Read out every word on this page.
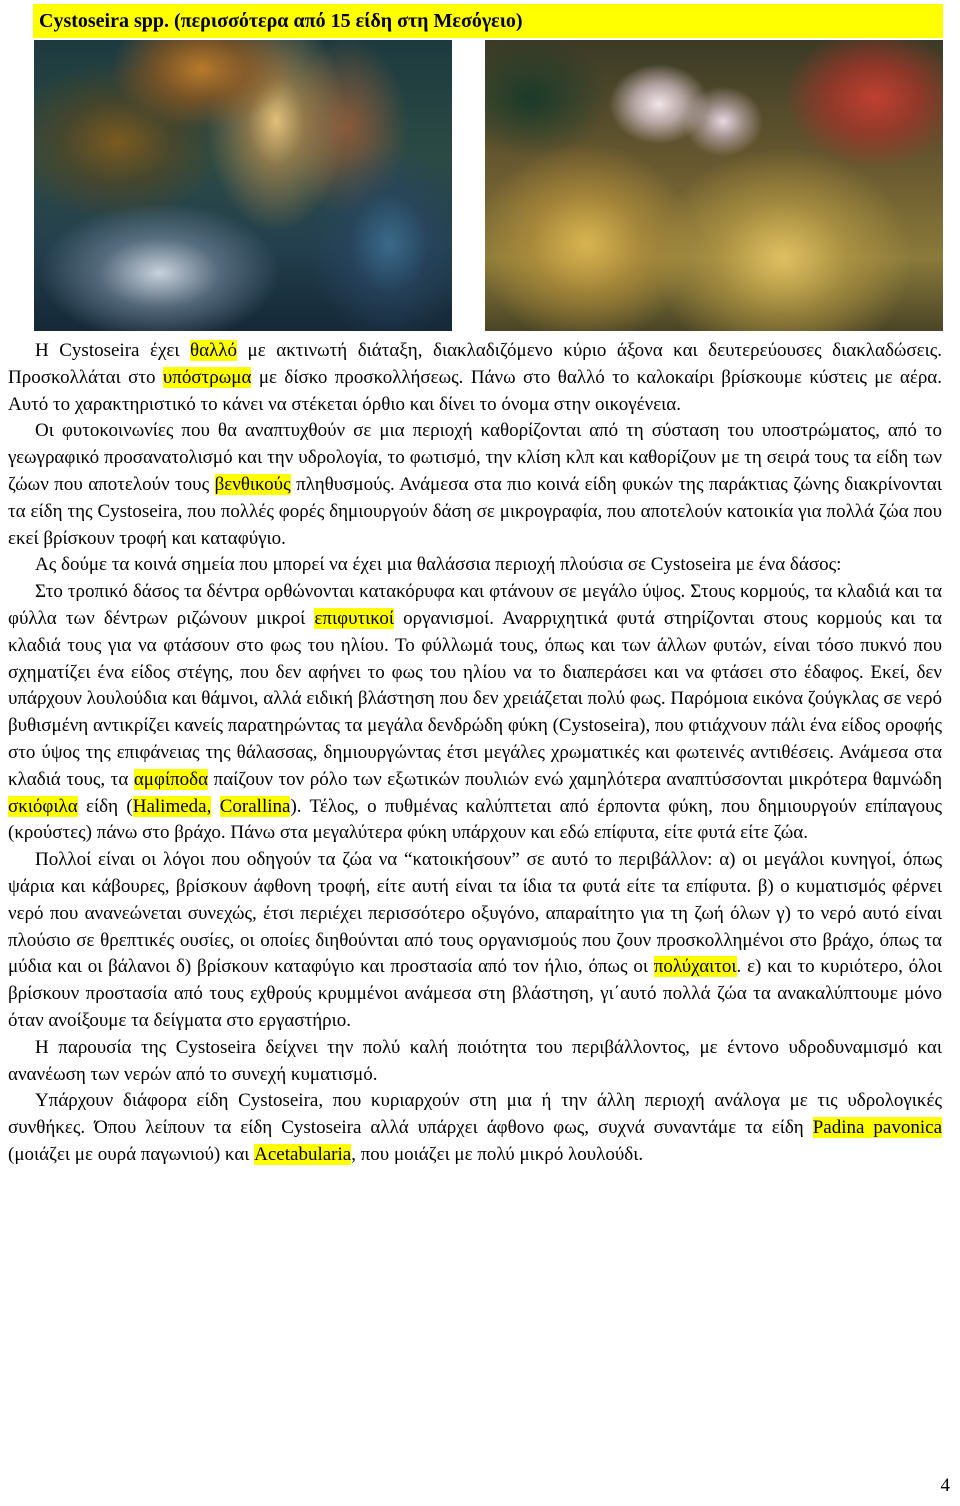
Cystoseira spp. (περισσότερα από 15 είδη στη Μεσόγειο)

Η Cystoseira έχει θαλλό με ακτινωτή διάταξη, διακλαδιζόμενο κύριο άξονα και δευτερεύουσες διακλαδώσεις. Προσκολλάται στο υπόστρωμα με δίσκο προσκολλήσεως. Πάνω στο θαλλό το καλοκαίρι βρίσκουμε κύστεις με αέρα. Αυτό το χαρακτηριστικό το κάνει να στέκεται όρθιο και δίνει το όνομα στην οικογένεια.

Οι φυτοκοινωνίες που θα αναπτυχθούν σε μια περιοχή καθορίζονται από τη σύσταση του υποστρώματος, από το γεωγραφικό προσανατολισμό και την υδρολογία, το φωτισμό, την κλίση κλπ και καθορίζουν με τη σειρά τους τα είδη των ζώων που αποτελούν τους βενθικούς πληθυσμούς. Ανάμεσα στα πιο κοινά είδη φυκών της παράκτιας ζώνης διακρίνονται τα είδη της Cystoseira, που πολλές φορές δημιουργούν δάση σε μικρογραφία, που αποτελούν κατοικία για πολλά ζώα που εκεί βρίσκουν τροφή και καταφύγιο.

Ας δούμε τα κοινά σημεία που μπορεί να έχει μια θαλάσσια περιοχή πλούσια σε Cystoseira με ένα δάσος:

Στο τροπικό δάσος τα δέντρα ορθώνονται κατακόρυφα και φτάνουν σε μεγάλο ύψος. Στους κορμούς, τα κλαδιά και τα φύλλα των δέντρων ριζώνουν μικροί επιφυτικοί οργανισμοί. Αναρριχητικά φυτά στηρίζονται στους κορμούς και τα κλαδιά τους για να φτάσουν στο φως του ηλίου. Το φύλλωμά τους, όπως και των άλλων φυτών, είναι τόσο πυκνό που σχηματίζει ένα είδος στέγης, που δεν αφήνει το φως του ηλίου να το διαπεράσει και να φτάσει στο έδαφος. Εκεί, δεν υπάρχουν λουλούδια και θάμνοι, αλλά ειδική βλάστηση που δεν χρειάζεται πολύ φως. Παρόμοια εικόνα ζούγκλας σε νερό βυθισμένη αντικρίζει κανείς παρατηρώντας τα μεγάλα δενδρώδη φύκη (Cystoseira), που φτιάχνουν πάλι ένα είδος οροφής στο ύψος της επιφάνειας της θάλασσας, δημιουργώντας έτσι μεγάλες χρωματικές και φωτεινές αντιθέσεις. Ανάμεσα στα κλαδιά τους, τα αμφίποδα παίζουν τον ρόλο των εξωτικών πουλιών ενώ χαμηλότερα αναπτύσσονται μικρότερα θαμνώδη σκιόφιλα είδη (Halimeda, Corallina). Τέλος, ο πυθμένας καλύπτεται από έρποντα φύκη, που δημιουργούν επίπαγους (κρούστες) πάνω στο βράχο. Πάνω στα μεγαλύτερα φύκη υπάρχουν και εδώ επίφυτα, είτε φυτά είτε ζώα.

Πολλοί είναι οι λόγοι που οδηγούν τα ζώα να “κατοικήσουν” σε αυτό το περιβάλλον: α) οι μεγάλοι κυνηγοί, όπως ψάρια και κάβουρες, βρίσκουν άφθονη τροφή, είτε αυτή είναι τα ίδια τα φυτά είτε τα επίφυτα. β) ο κυματισμός φέρνει νερό που ανανεώνεται συνεχώς, έτσι περιέχει περισσότερο οξυγόνο, απαραίτητο για τη ζωή όλων γ) το νερό αυτό είναι πλούσιο σε θρεπτικές ουσίες, οι οποίες διηθούνται από τους οργανισμούς που ζουν προσκολλημένοι στο βράχο, όπως τα μύδια και οι βάλανοι δ) βρίσκουν καταφύγιο και προστασία από τον ήλιο, όπως οι πολύχαιτοι. ε) και το κυριότερο, όλοι βρίσκουν προστασία από τους εχθρούς κρυμμένοι ανάμεσα στη βλάστηση, γι΄αυτό πολλά ζώα τα ανακαλύπτουμε μόνο όταν ανοίξουμε τα δείγματα στο εργαστήριο.

Η παρουσία της Cystoseira δείχνει την πολύ καλή ποιότητα του περιβάλλοντος, με έντονο υδροδυναμισμό και ανανέωση των νερών από το συνεχή κυματισμό.

Υπάρχουν διάφορα είδη Cystoseira, που κυριαρχούν στη μια ή την άλλη περιοχή ανάλογα με τις υδρολογικές συνθήκες. Όπου λείπουν τα είδη Cystoseira αλλά υπάρχει άφθονο φως, συχνά συναντάμε τα είδη Padina pavonica (μοιάζει με ουρά παγωνιού) και Acetabularia, που μοιάζει με πολύ μικρό λουλούδι.

4
